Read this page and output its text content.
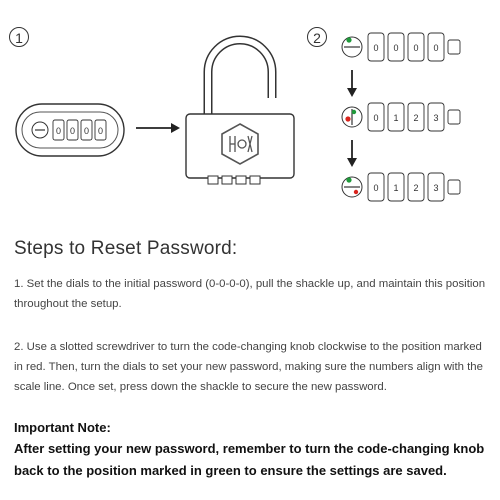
1	2
0 0 0 0
0 0 0 0
0 1 2 3
0 1 2 3
Steps to Reset Password:
1. Set the dials to the initial password (0-0-0-0), pull the shackle up, and maintain this position throughout the setup.
2. Use a slotted screwdriver to turn the code-changing knob clockwise to the position marked in red. Then, turn the dials to set your new password, making sure the numbers align with the scale line. Once set, press down the shackle to secure the new password.
Important Note:
After setting your new password, remember to turn the code-changing knob back to the position marked in green to ensure the settings are saved.
